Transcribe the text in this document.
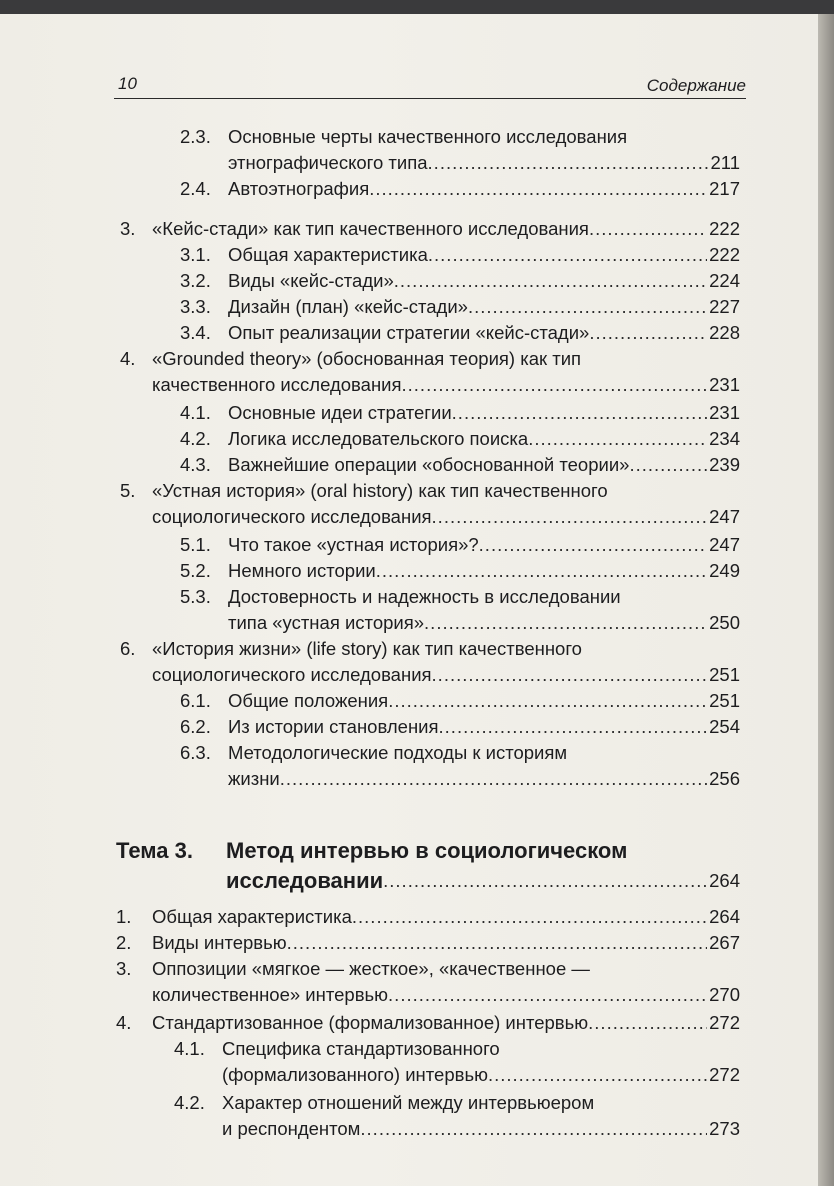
10	Содержание
2.3. Основные черты качественного исследования
этнографического типа .....	211
2.4. Автоэтнография .....	217
3. «Кейс-стади» как тип качественного исследования .....	222
3.1. Общая характеристика .....	222
3.2. Виды «кейс-стади» .....	224
3.3. Дизайн (план) «кейс-стади» .....	227
3.4. Опыт реализации стратегии «кейс-стади» .....	228
4. «Grounded theory» (обоснованная теория) как тип
качественного исследования .....	231
4.1. Основные идеи стратегии .....	231
4.2. Логика исследовательского поиска .....	234
4.3. Важнейшие операции «обоснованной теории» .....	239
5. «Устная история» (oral history) как тип качественного
социологического исследования .....	247
5.1. Что такое «устная история»? .....	247
5.2. Немного истории .....	249
5.3. Достоверность и надежность в исследовании
типа «устная история» .....	250
6. «История жизни» (life story) как тип качественного
социологического исследования .....	251
6.1. Общие положения .....	251
6.2. Из истории становления .....	254
6.3. Методологические подходы к историям
жизни .....	256
Тема 3. Метод интервью в социологическом
исследовании .....	264
1. Общая характеристика .....	264
2. Виды интервью .....	267
3. Оппозиции «мягкое — жесткое», «качественное —
количественное» интервью .....	270
4. Стандартизованное (формализованное) интервью .....	272
4.1. Специфика стандартизованного
(формализованного) интервью .....	272
4.2. Характер отношений между интервьюером
и респондентом .....	273
